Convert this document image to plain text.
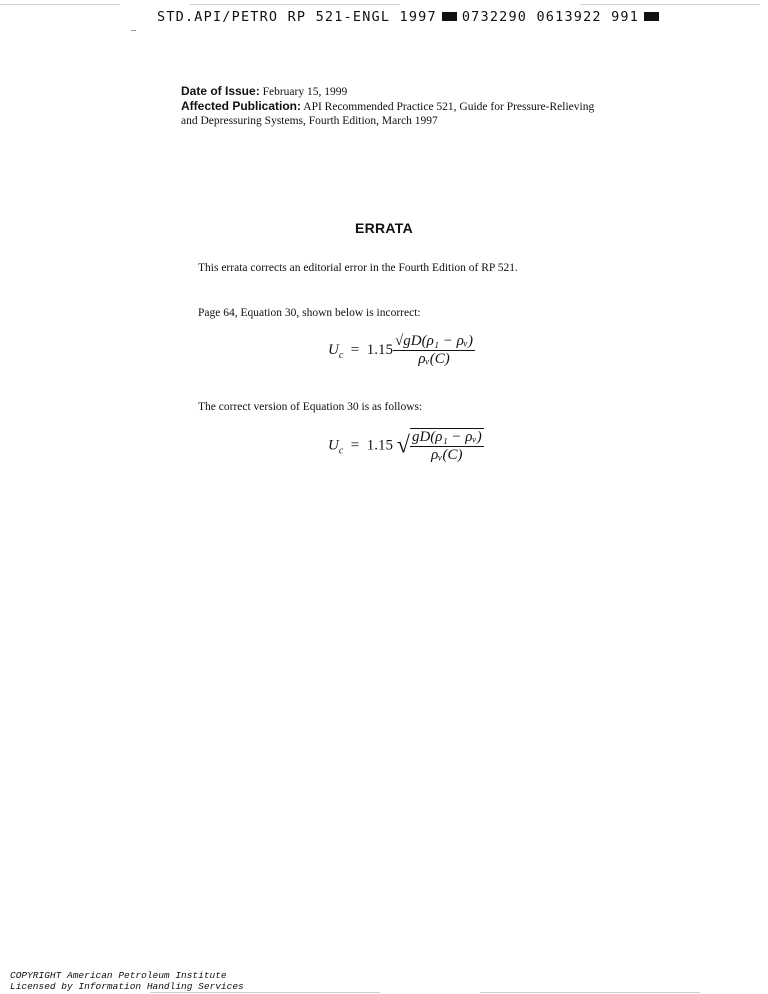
STD.API/PETRO RP 521-ENGL 1997 0732290 0613922 991
Date of Issue: February 15, 1999
Affected Publication: API Recommended Practice 521, Guide for Pressure-Relieving
and Depressuring Systems, Fourth Edition, March 1997
ERRATA
This errata corrects an editorial error in the Fourth Edition of RP 521.
Page 64, Equation 30, shown below is incorrect:
$U_c = 1.15 \frac{\text{√gD(ρ₁ − ρᵥ)}}{\text{ρᵥ(C)}}$
The correct version of Equation 30 is as follows:
$U_c = 1.15$ √ $\frac{\text{gD(ρ₁ − ρᵥ)}}{\text{ρᵥ(C)}}$
COPYRIGHT American Petroleum Institute
Licensed by Information Handling Services
